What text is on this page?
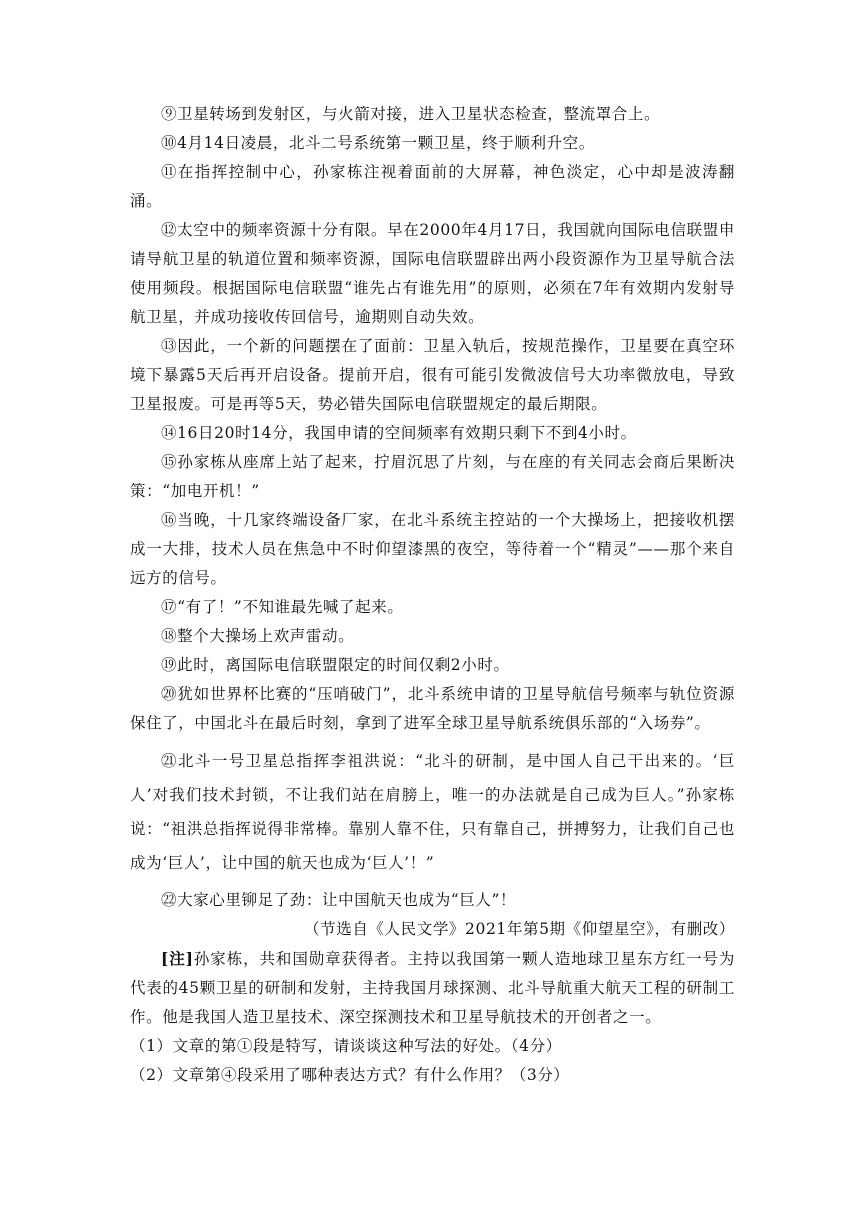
⑨卫星转场到发射区，与火箭对接，进入卫星状态检查，整流罩合上。

⑩4月14日凌晨，北斗二号系统第一颗卫星，终于顺利升空。

⑪在指挥控制中心，孙家栋注视着面前的大屏幕，神色淡定，心中却是波涛翻涌。

⑫太空中的频率资源十分有限。早在2000年4月17日，我国就向国际电信联盟申请导航卫星的轨道位置和频率资源，国际电信联盟辟出两小段资源作为卫星导航合法使用频段。根据国际电信联盟“谁先占有谁先用”的原则，必须在7年有效期内发射导航卫星，并成功接收传回信号，逾期则自动失效。

⑬因此，一个新的问题摆在了面前：卫星入轨后，按规范操作，卫星要在真空环境下暴露5天后再开启设备。提前开启，很有可能引发微波信号大功率微放电，导致卫星报废。可是再等5天，势必错失国际电信联盟规定的最后期限。

⑭16日20时14分，我国申请的空间频率有效期只剩下不到4小时。

⑮孙家栋从座席上站了起来，拧眉沉思了片刻，与在座的有关同志会商后果断决策：“加电开机！”

⑯当晚，十几家终端设备厂家，在北斗系统主控站的一个大操场上，把接收机摆成一大排，技术人员在焦急中不时仰望漆黑的夜空，等待着一个“精灵”——那个来自远方的信号。

⑰“有了！”不知谁最先喊了起来。

⑱整个大操场上欢声雷动。

⑲此时，离国际电信联盟限定的时间仅剩2小时。

⑳犹如世界杯比赛的“压哨破门”，北斗系统申请的卫星导航信号频率与轨位资源保住了，中国北斗在最后时刻，拿到了进军全球卫星导航系统俱乐部的“入场券”。

㉑北斗一号卫星总指挥李祖洪说：“北斗的研制，是中国人自己干出来的。‘巨人’对我们技术封锁，不让我们站在肩膀上，唯一的办法就是自己成为巨人。”孙家栋说：“祖洪总指挥说得非常棒。靠别人靠不住，只有靠自己，拼搏努力，让我们自己也成为‘巨人’，让中国的航天也成为‘巨人’！”

㉒大家心里铆足了劲：让中国航天也成为“巨人”！

（节选自《人民文学》2021年第5期《仰望星空》，有删改）

[注]孙家栋，共和国勋章获得者。主持以我国第一颗人造地球卫星东方红一号为代表的45颗卫星的研制和发射，主持我国月球探测、北斗导航重大航天工程的研制工作。他是我国人造卫星技术、深空探测技术和卫星导航技术的开创者之一。

（1）文章的第①段是特写，请谈谈这种写法的好处。（4分）

（2）文章第④段采用了哪种表达方式？有什么作用？（3分）
